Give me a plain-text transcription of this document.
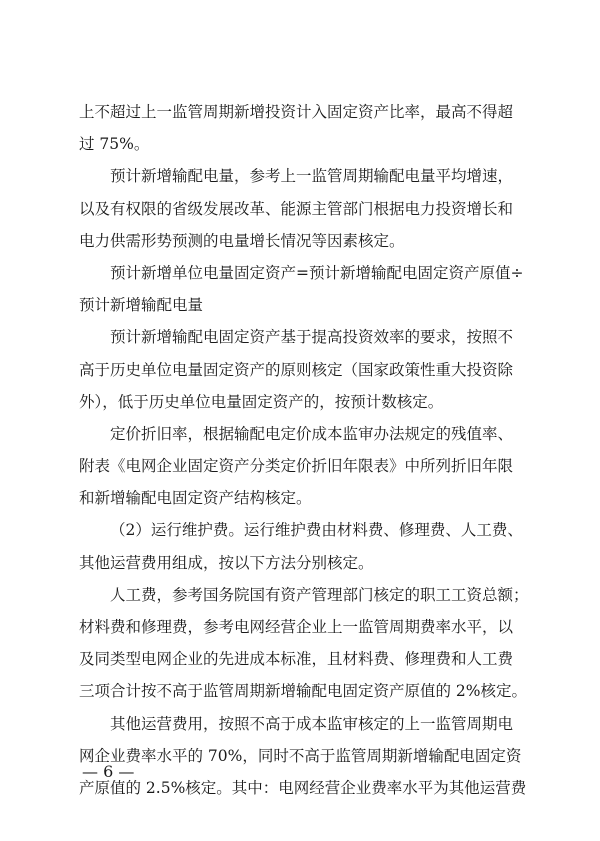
上不超过上一监管周期新增投资计入固定资产比率，最高不得超

过 75%。

预计新增输配电量，参考上一监管周期输配电量平均增速，

以及有权限的省级发展改革、能源主管部门根据电力投资增长和

电力供需形势预测的电量增长情况等因素核定。

预计新增单位电量固定资产=预计新增输配电固定资产原值÷

预计新增输配电量

预计新增输配电固定资产基于提高投资效率的要求，按照不

高于历史单位电量固定资产的原则核定（国家政策性重大投资除

外），低于历史单位电量固定资产的，按预计数核定。

定价折旧率，根据输配电定价成本监审办法规定的残值率、

附表《电网企业固定资产分类定价折旧年限表》中所列折旧年限

和新增输配电固定资产结构核定。

（2）运行维护费。运行维护费由材料费、修理费、人工费、

其他运营费用组成，按以下方法分别核定。

人工费，参考国务院国有资产管理部门核定的职工工资总额；

材料费和修理费，参考电网经营企业上一监管周期费率水平，以

及同类型电网企业的先进成本标准，且材料费、修理费和人工费

三项合计按不高于监管周期新增输配电固定资产原值的 2%核定。

其他运营费用，按照不高于成本监审核定的上一监管周期电

网企业费率水平的 70%，同时不高于监管周期新增输配电固定资

产原值的 2.5%核定。其中：电网经营企业费率水平为其他运营费

— 6 —
